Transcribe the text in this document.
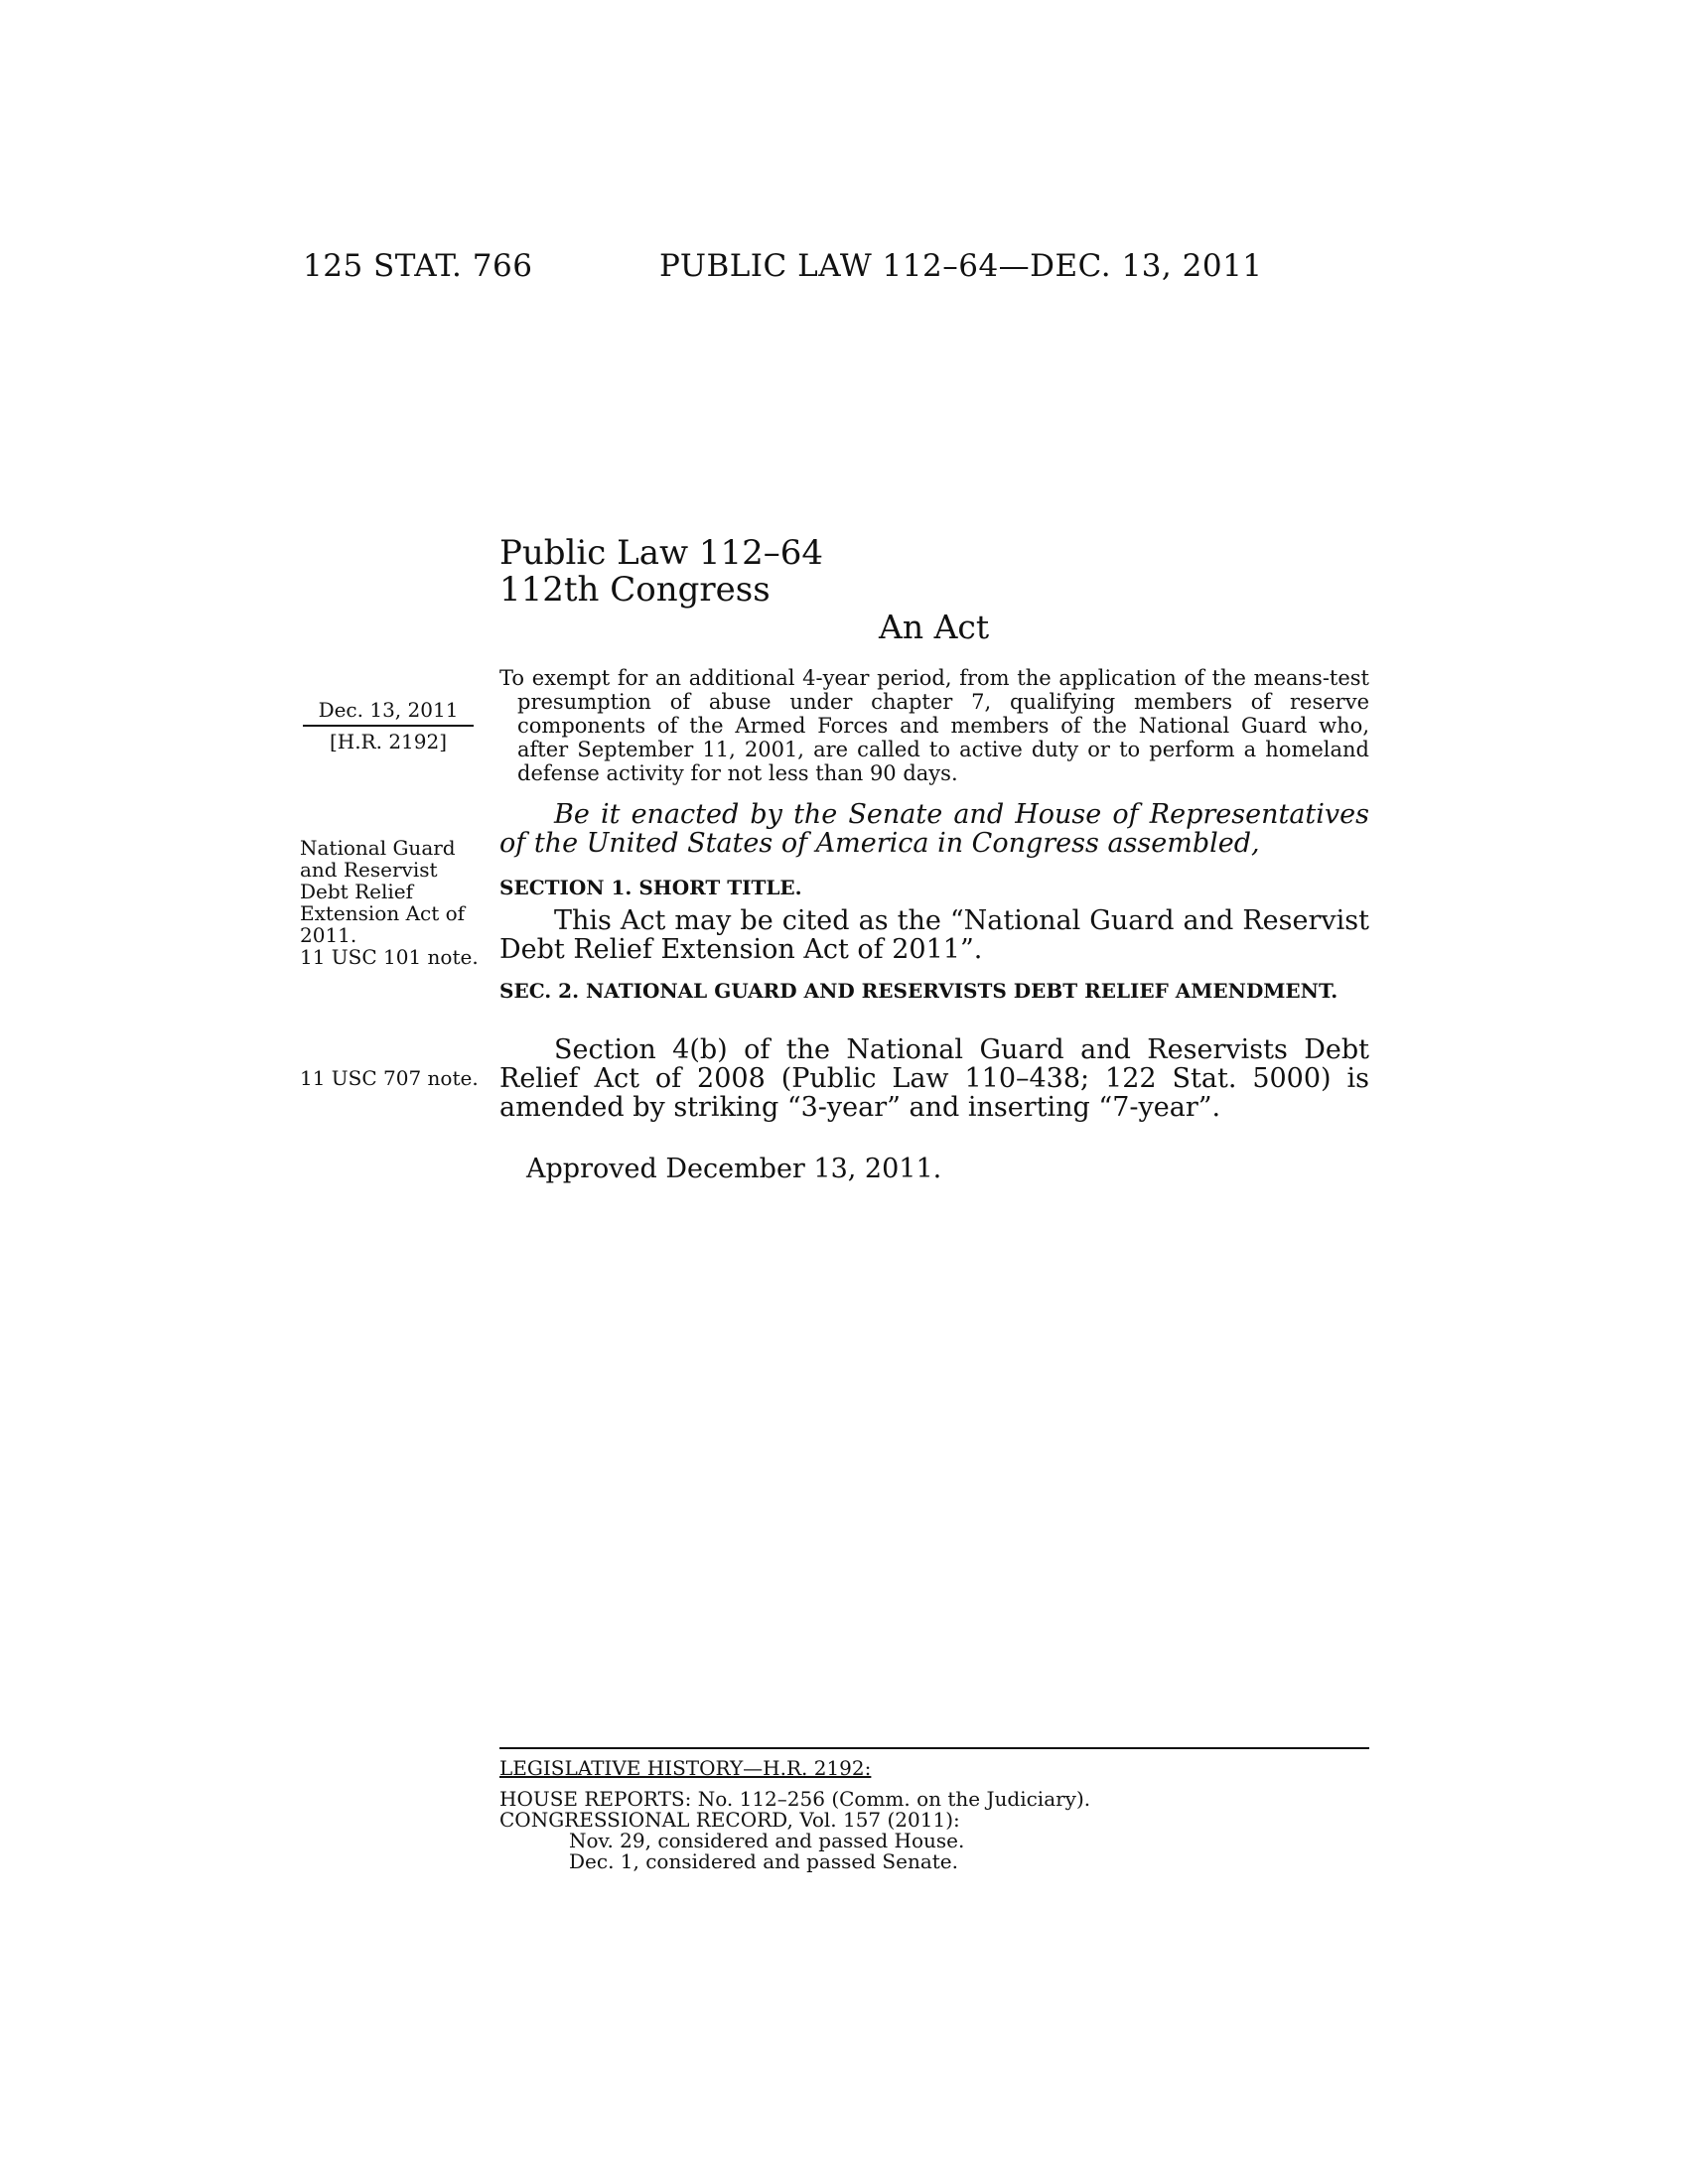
125 STAT. 766	PUBLIC LAW 112–64—DEC. 13, 2011
Public Law 112–64
112th Congress
An Act
Dec. 13, 2011
[H.R. 2192]
To exempt for an additional 4-year period, from the application of the means-test presumption of abuse under chapter 7, qualifying members of reserve components of the Armed Forces and members of the National Guard who, after September 11, 2001, are called to active duty or to perform a homeland defense activity for not less than 90 days.
Be it enacted by the Senate and House of Representatives of the United States of America in Congress assembled,
National Guard
and Reservist
Debt Relief
Extension Act of
2011.
11 USC 101 note.
11 USC 707 note.
SECTION 1. SHORT TITLE.
This Act may be cited as the “National Guard and Reservist Debt Relief Extension Act of 2011”.
SEC. 2. NATIONAL GUARD AND RESERVISTS DEBT RELIEF AMENDMENT.
Section 4(b) of the National Guard and Reservists Debt Relief Act of 2008 (Public Law 110–438; 122 Stat. 5000) is amended by striking “3-year” and inserting “7-year”.
Approved December 13, 2011.
LEGISLATIVE HISTORY—H.R. 2192:
HOUSE REPORTS: No. 112–256 (Comm. on the Judiciary).
CONGRESSIONAL RECORD, Vol. 157 (2011):
Nov. 29, considered and passed House.
Dec. 1, considered and passed Senate.
